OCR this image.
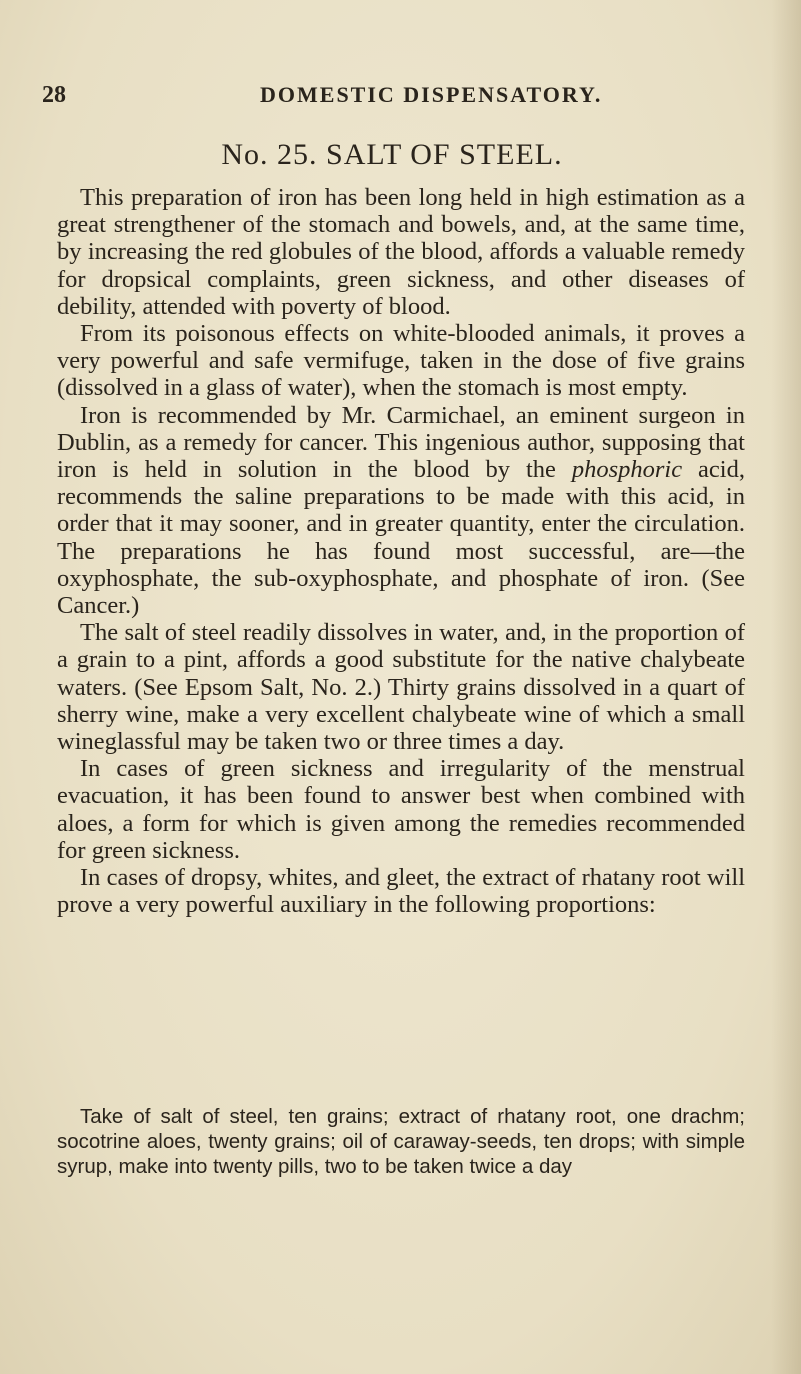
28	DOMESTIC DISPENSATORY.
No. 25. SALT OF STEEL.

This preparation of iron has been long held in high estimation as a great strengthener of the stomach and bowels, and, at the same time, by increasing the red globules of the blood, affords a valuable remedy for dropsical complaints, green sickness, and other diseases of debility, attended with poverty of blood.

From its poisonous effects on white-blooded animals, it proves a very powerful and safe vermifuge, taken in the dose of five grains (dissolved in a glass of water), when the stomach is most empty.

Iron is recommended by Mr. Carmichael, an eminent surgeon in Dublin, as a remedy for cancer. This ingenious author, supposing that iron is held in solution in the blood by the phosphoric acid, recommends the saline preparations to be made with this acid, in order that it may sooner, and in greater quantity, enter the circulation. The preparations he has found most successful, are—the oxyphosphate, the sub-oxyphosphate, and phosphate of iron. (See Cancer.)

The salt of steel readily dissolves in water, and, in the proportion of a grain to a pint, affords a good substitute for the native chalybeate waters. (See Epsom Salt, No. 2.) Thirty grains dissolved in a quart of sherry wine, make a very excellent chalybeate wine of which a small wineglassful may be taken two or three times a day.

In cases of green sickness and irregularity of the menstrual evacuation, it has been found to answer best when combined with aloes, a form for which is given among the remedies recommended for green sickness.

In cases of dropsy, whites, and gleet, the extract of rhatany root will prove a very powerful auxiliary in the following proportions:

Take of salt of steel, ten grains; extract of rhatany root, one drachm; socotrine aloes, twenty grains; oil of caraway-seeds, ten drops; with simple syrup, make into twenty pills, two to be taken twice a day
